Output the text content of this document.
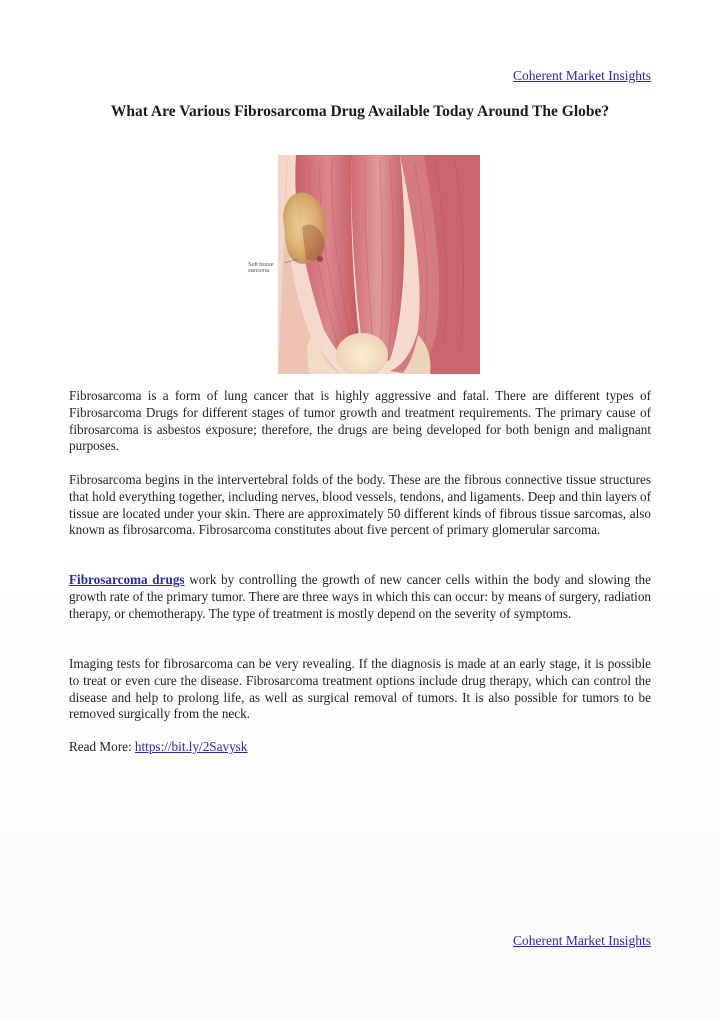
Coherent Market Insights
What Are Various Fibrosarcoma Drug Available Today Around The Globe?
Soft tissue
sarcoma

Fibrosarcoma is a form of lung cancer that is highly aggressive and fatal. There are different types of Fibrosarcoma Drugs for different stages of tumor growth and treatment requirements. The primary cause of fibrosarcoma is asbestos exposure; therefore, the drugs are being developed for both benign and malignant purposes.

Fibrosarcoma begins in the intervertebral folds of the body. These are the fibrous connective tissue structures that hold everything together, including nerves, blood vessels, tendons, and ligaments. Deep and thin layers of tissue are located under your skin. There are approximately 50 different kinds of fibrous tissue sarcomas, also known as fibrosarcoma. Fibrosarcoma constitutes about five percent of primary glomerular sarcoma.

Fibrosarcoma drugs work by controlling the growth of new cancer cells within the body and slowing the growth rate of the primary tumor. There are three ways in which this can occur: by means of surgery, radiation therapy, or chemotherapy. The type of treatment is mostly depend on the severity of symptoms.

Imaging tests for fibrosarcoma can be very revealing. If the diagnosis is made at an early stage, it is possible to treat or even cure the disease. Fibrosarcoma treatment options include drug therapy, which can control the disease and help to prolong life, as well as surgical removal of tumors. It is also possible for tumors to be removed surgically from the neck.

Read More: https://bit.ly/2Savysk

Coherent Market Insights
